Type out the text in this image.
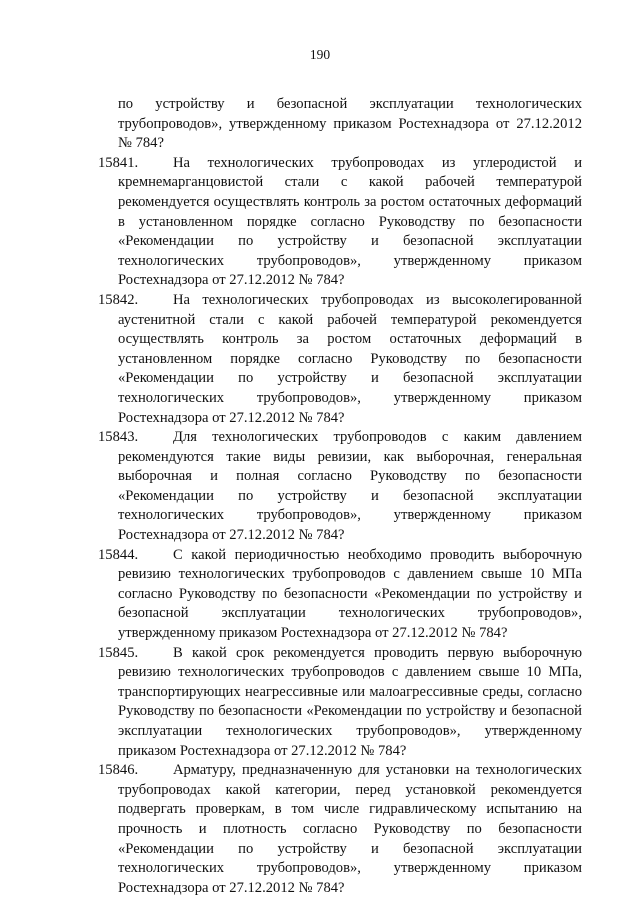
190

по устройству и безопасной эксплуатации технологических трубопроводов», утвержденному приказом Ростехнадзора от 27.12.2012 № 784?

15841.	На технологических трубопроводах из углеродистой и кремнемарганцовистой стали с какой рабочей температурой рекомендуется осуществлять контроль за ростом остаточных деформаций в установленном порядке согласно Руководству по безопасности «Рекомендации по устройству и безопасной эксплуатации технологических трубопроводов», утвержденному приказом Ростехнадзора от 27.12.2012 № 784?

15842.	На технологических трубопроводах из высоколегированной аустенитной стали с какой рабочей температурой рекомендуется осуществлять контроль за ростом остаточных деформаций в установленном порядке согласно Руководству по безопасности «Рекомендации по устройству и безопасной эксплуатации технологических трубопроводов», утвержденному приказом Ростехнадзора от 27.12.2012 № 784?

15843.	Для технологических трубопроводов с каким давлением рекомендуются такие виды ревизии, как выборочная, генеральная выборочная и полная согласно Руководству по безопасности «Рекомендации по устройству и безопасной эксплуатации технологических трубопроводов», утвержденному приказом Ростехнадзора от 27.12.2012 № 784?

15844.	С какой периодичностью необходимо проводить выборочную ревизию технологических трубопроводов с давлением свыше 10 МПа согласно Руководству по безопасности «Рекомендации по устройству и безопасной эксплуатации технологических трубопроводов», утвержденному приказом Ростехнадзора от 27.12.2012 № 784?

15845.	В какой срок рекомендуется проводить первую выборочную ревизию технологических трубопроводов с давлением свыше 10 МПа, транспортирующих неагрессивные или малоагрессивные среды, согласно Руководству по безопасности «Рекомендации по устройству и безопасной эксплуатации технологических трубопроводов», утвержденному приказом Ростехнадзора от 27.12.2012 № 784?

15846.	Арматуру, предназначенную для установки на технологических трубопроводах какой категории, перед установкой рекомендуется подвергать проверкам, в том числе гидравлическому испытанию на прочность и плотность согласно Руководству по безопасности «Рекомендации по устройству и безопасной эксплуатации технологических трубопроводов», утвержденному приказом Ростехнадзора от 27.12.2012 № 784?
